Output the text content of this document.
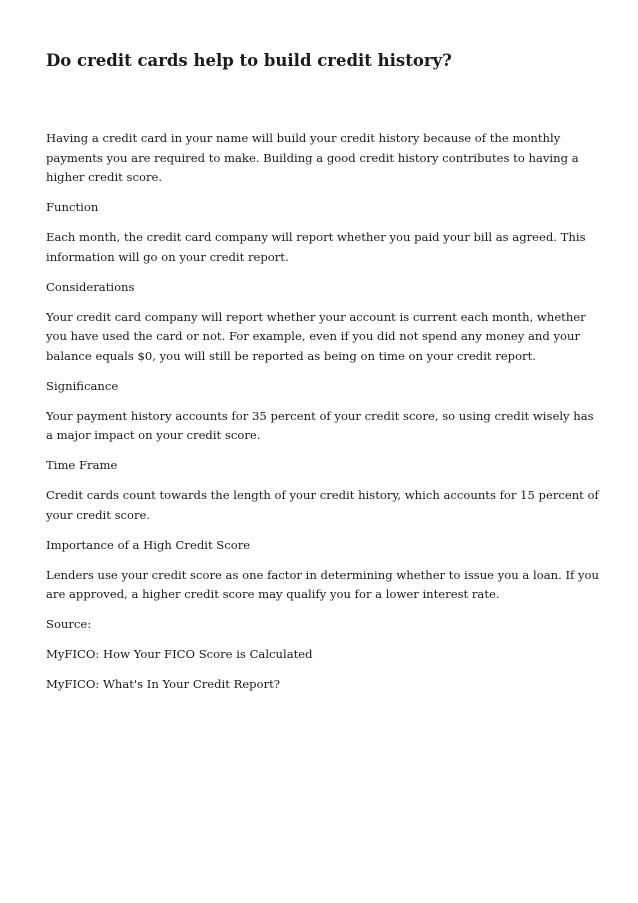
Do credit cards help to build credit history?

Having a credit card in your name will build your credit history because of the monthly payments you are required to make. Building a good credit history contributes to having a higher credit score.

Function

Each month, the credit card company will report whether you paid your bill as agreed. This information will go on your credit report.

Considerations

Your credit card company will report whether your account is current each month, whether you have used the card or not. For example, even if you did not spend any money and your balance equals $0, you will still be reported as being on time on your credit report.

Significance

Your payment history accounts for 35 percent of your credit score, so using credit wisely has a major impact on your credit score.

Time Frame

Credit cards count towards the length of your credit history, which accounts for 15 percent of your credit score.

Importance of a High Credit Score

Lenders use your credit score as one factor in determining whether to issue you a loan. If you are approved, a higher credit score may qualify you for a lower interest rate.

Source:

MyFICO: How Your FICO Score is Calculated

MyFICO: What's In Your Credit Report?
